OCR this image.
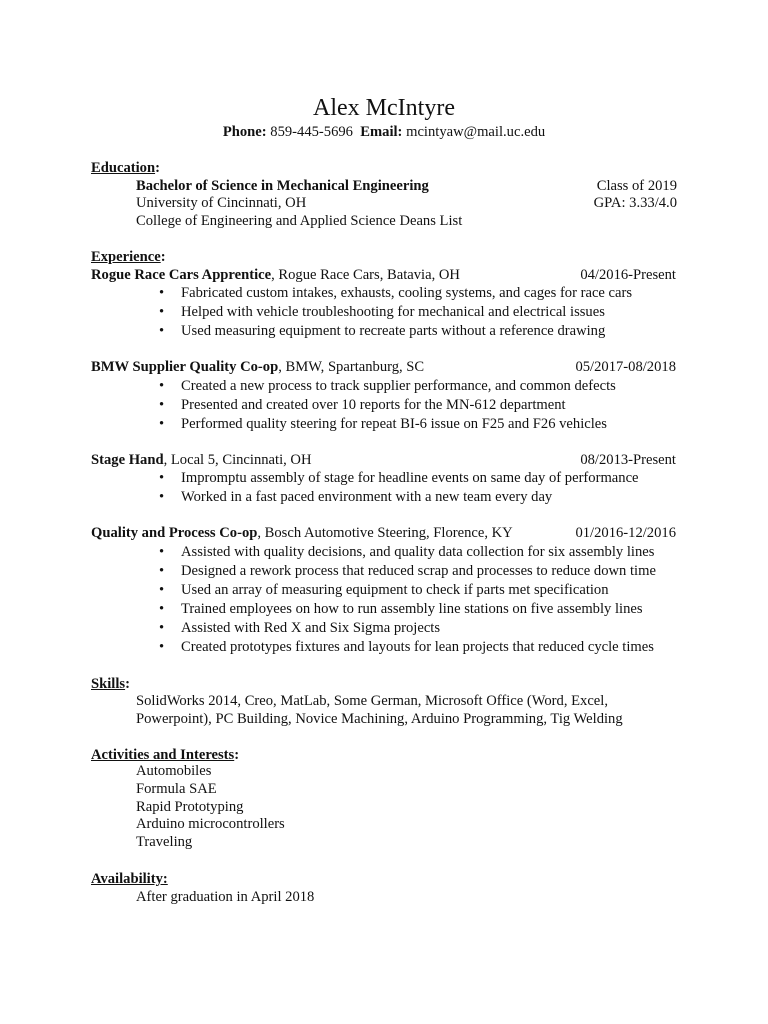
Alex McIntyre
Phone: 859-445-5696 Email: mcintyaw@mail.uc.edu
Education:
Bachelor of Science in Mechanical Engineering	Class of 2019
University of Cincinnati, OH	GPA: 3.33/4.0
College of Engineering and Applied Science Deans List
Experience:
Rogue Race Cars Apprentice, Rogue Race Cars, Batavia, OH	04/2016-Present
• Fabricated custom intakes, exhausts, cooling systems, and cages for race cars
• Helped with vehicle troubleshooting for mechanical and electrical issues
• Used measuring equipment to recreate parts without a reference drawing
BMW Supplier Quality Co-op, BMW, Spartanburg, SC	05/2017-08/2018
• Created a new process to track supplier performance, and common defects
• Presented and created over 10 reports for the MN-612 department
• Performed quality steering for repeat BI-6 issue on F25 and F26 vehicles
Stage Hand, Local 5, Cincinnati, OH	08/2013-Present
• Impromptu assembly of stage for headline events on same day of performance
• Worked in a fast paced environment with a new team every day
Quality and Process Co-op, Bosch Automotive Steering, Florence, KY	01/2016-12/2016
• Assisted with quality decisions, and quality data collection for six assembly lines
• Designed a rework process that reduced scrap and processes to reduce down time
• Used an array of measuring equipment to check if parts met specification
• Trained employees on how to run assembly line stations on five assembly lines
• Assisted with Red X and Six Sigma projects
• Created prototypes fixtures and layouts for lean projects that reduced cycle times
Skills:
SolidWorks 2014, Creo, MatLab, Some German, Microsoft Office (Word, Excel,
Powerpoint), PC Building, Novice Machining, Arduino Programming, Tig Welding
Activities and Interests:
Automobiles
Formula SAE
Rapid Prototyping
Arduino microcontrollers
Traveling
Availability:
After graduation in April 2018
